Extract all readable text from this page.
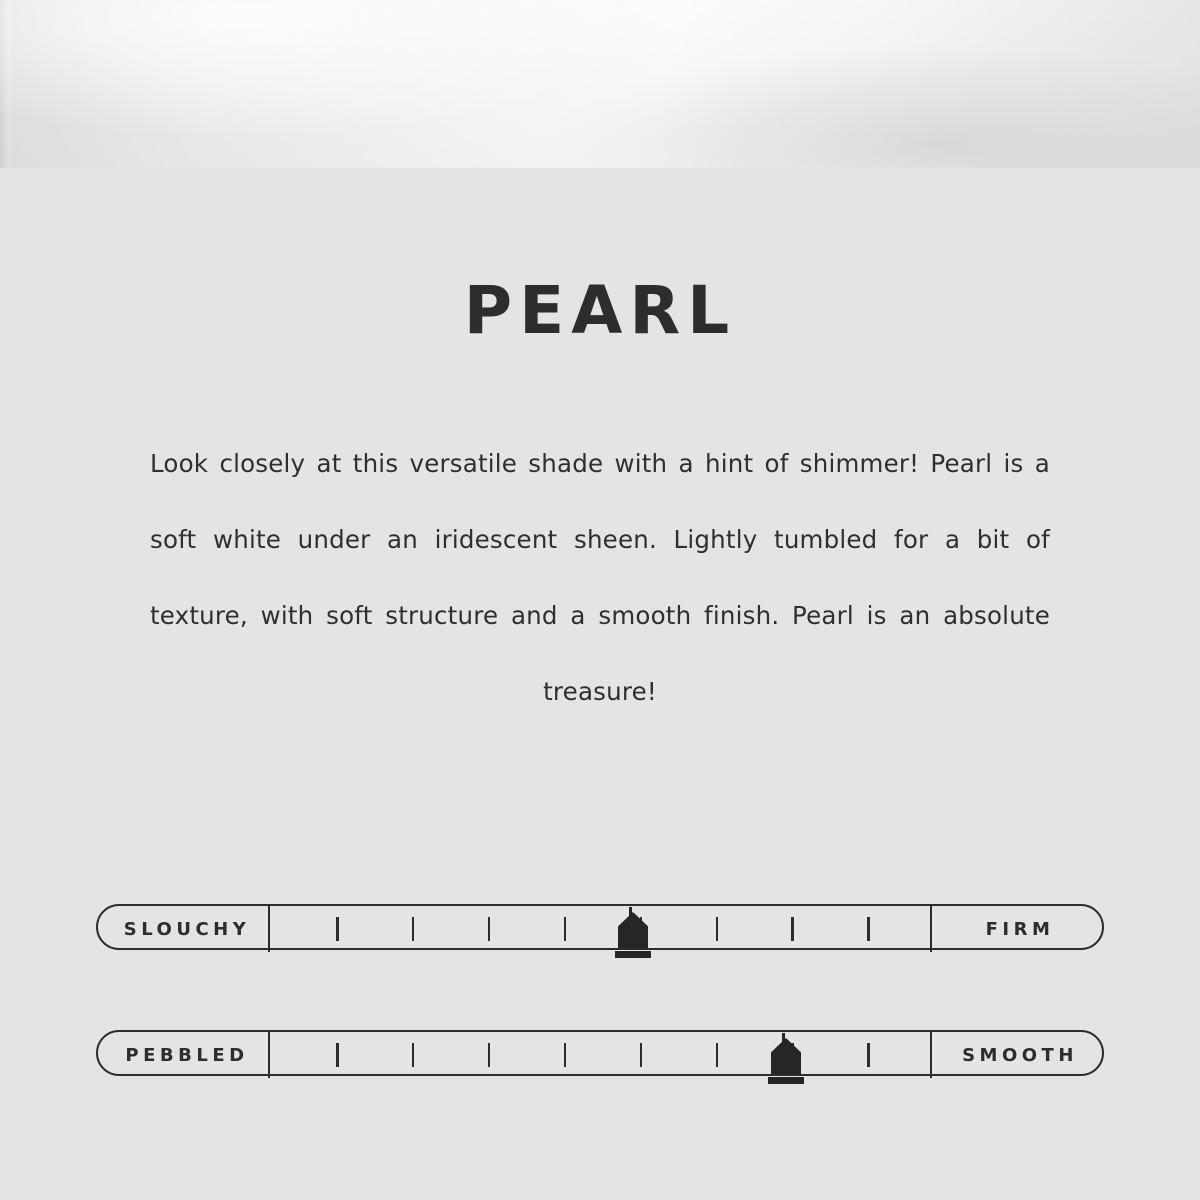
PEARL
Look closely at this versatile shade with a hint of shimmer! Pearl is a soft white under an iridescent sheen. Lightly tumbled for a bit of texture, with soft structure and a smooth finish. Pearl is an absolute treasure!
SLOUCHY	FIRM
PEBBLED	SMOOTH
